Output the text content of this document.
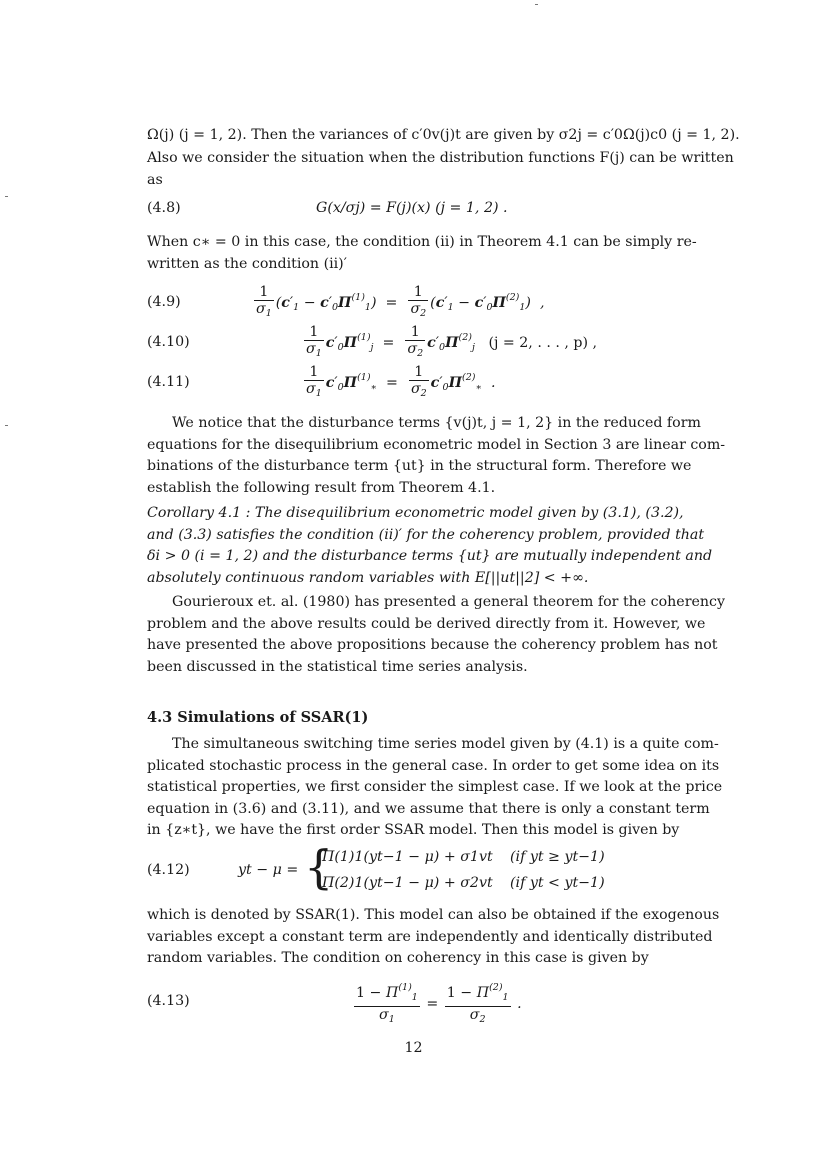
Ω(j) (j = 1, 2). Then the variances of c′0v(j)t are given by σ2j = c′0Ω(j)c0 (j = 1, 2).
Also we consider the situation when the distribution functions F(j) can be written
as
(4.8)	G(x/σj) = F(j)(x) (j = 1, 2) .
When c∗ = 0 in this case, the condition (ii) in Theorem 4.1 can be simply re-
written as the condition (ii)′
(4.9)	$\frac{1}{\sigma_1} (c'_1 - c'_0\Pi^{(1)}_1) = \frac{1}{\sigma_2} (c'_1 - c'_0\Pi^{(2)}_1)$  ,
(4.10)	$\frac{1}{\sigma_1} c'_0\Pi^{(1)}_j = \frac{1}{\sigma_2} c'_0\Pi^{(2)}_j$ (j = 2, . . . , p) ,
(4.11)	$\frac{1}{\sigma_1} c'_0\Pi^{(1)}_∗ = \frac{1}{\sigma_2} c'_0\Pi^{(2)}_∗$  .
We notice that the disturbance terms {v(j)t, j = 1, 2} in the reduced form
equations for the disequilibrium econometric model in Section 3 are linear com-
binations of the disturbance term {ut} in the structural form. Therefore we
establish the following result from Theorem 4.1.
Corollary 4.1 : The disequilibrium econometric model given by (3.1), (3.2),
and (3.3) satisfies the condition (ii)′ for the coherency problem, provided that
δi > 0 (i = 1, 2) and the disturbance terms {ut} are mutually independent and
absolutely continuous random variables with E[||ut||2] < +∞.
Gourieroux et. al. (1980) has presented a general theorem for the coherency
problem and the above results could be derived directly from it. However, we
have presented the above propositions because the coherency problem has not
been discussed in the statistical time series analysis.
4.3 Simulations of SSAR(1)
The simultaneous switching time series model given by (4.1) is a quite com-
plicated stochastic process in the general case. In order to get some idea on its
statistical properties, we first consider the simplest case. If we look at the price
equation in (3.6) and (3.11), and we assume that there is only a constant term
in {z∗t}, we have the first order SSAR model. Then this model is given by
(4.12)	yt − μ = {
Π(1)1(yt−1 − μ) + σ1vt (if yt ≥ yt−1)
Π(2)1(yt−1 − μ) + σ2vt (if yt < yt−1)
which is denoted by SSAR(1). This model can also be obtained if the exogenous
variables except a constant term are independently and identically distributed
random variables. The condition on coherency in this case is given by
(4.13)	$\frac{1 - \Pi^{(1)}_1}{\sigma_1} = \frac{1 - \Pi^{(2)}_1}{\sigma_2}$ .
12
